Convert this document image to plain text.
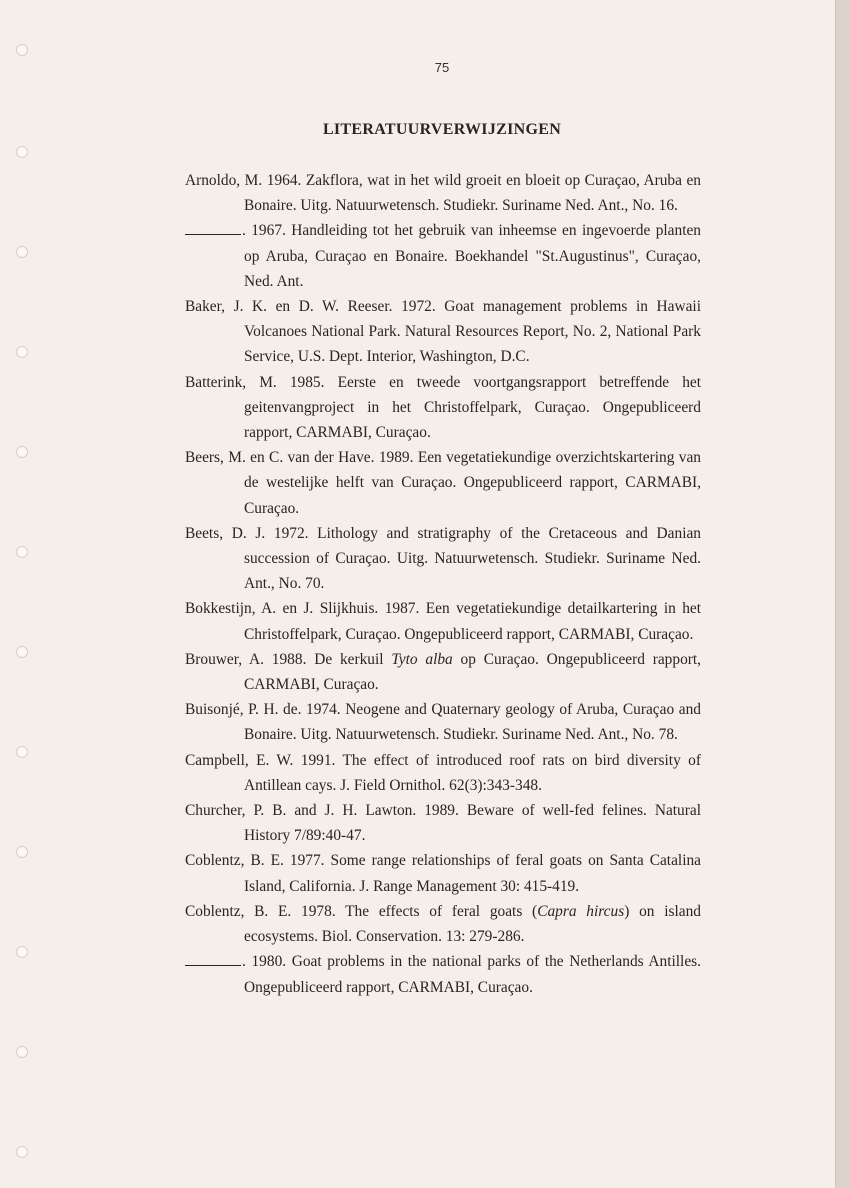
75
LITERATUURVERWIJZINGEN

Arnoldo, M. 1964. Zakflora, wat in het wild groeit en bloeit op Curaçao, Aruba en Bonaire. Uitg. Natuurwetensch. Studiekr. Suriname Ned. Ant., No. 16.

. 1967. Handleiding tot het gebruik van inheemse en ingevoerde planten op Aruba, Curaçao en Bonaire. Boekhandel "St.Augustinus", Curaçao, Ned. Ant.

Baker, J. K. en D. W. Reeser. 1972. Goat management problems in Hawaii Volcanoes National Park. Natural Resources Report, No. 2, National Park Service, U.S. Dept. Interior, Washington, D.C.

Batterink, M. 1985. Eerste en tweede voortgangsrapport betreffende het geitenvangproject in het Christoffelpark, Curaçao. Ongepubliceerd rapport, CARMABI, Curaçao.

Beers, M. en C. van der Have. 1989. Een vegetatiekundige overzichtskartering van de westelijke helft van Curaçao. Ongepubliceerd rapport, CARMABI, Curaçao.

Beets, D. J. 1972. Lithology and stratigraphy of the Cretaceous and Danian succession of Curaçao. Uitg. Natuurwetensch. Studiekr. Suriname Ned. Ant., No. 70.

Bokkestijn, A. en J. Slijkhuis. 1987. Een vegetatiekundige detailkartering in het Christoffelpark, Curaçao. Ongepubliceerd rapport, CARMABI, Curaçao.

Brouwer, A. 1988. De kerkuil Tyto alba op Curaçao. Ongepubliceerd rapport, CARMABI, Curaçao.

Buisonjé, P. H. de. 1974. Neogene and Quaternary geology of Aruba, Curaçao and Bonaire. Uitg. Natuurwetensch. Studiekr. Suriname Ned. Ant., No. 78.

Campbell, E. W. 1991. The effect of introduced roof rats on bird diversity of Antillean cays. J. Field Ornithol. 62(3):343-348.

Churcher, P. B. and J. H. Lawton. 1989. Beware of well-fed felines. Natural History 7/89:40-47.

Coblentz, B. E. 1977. Some range relationships of feral goats on Santa Catalina Island, California. J. Range Management 30: 415-419.

Coblentz, B. E. 1978. The effects of feral goats (Capra hircus) on island ecosystems. Biol. Conservation. 13: 279-286.

. 1980. Goat problems in the national parks of the Netherlands Antilles. Ongepubliceerd rapport, CARMABI, Curaçao.
